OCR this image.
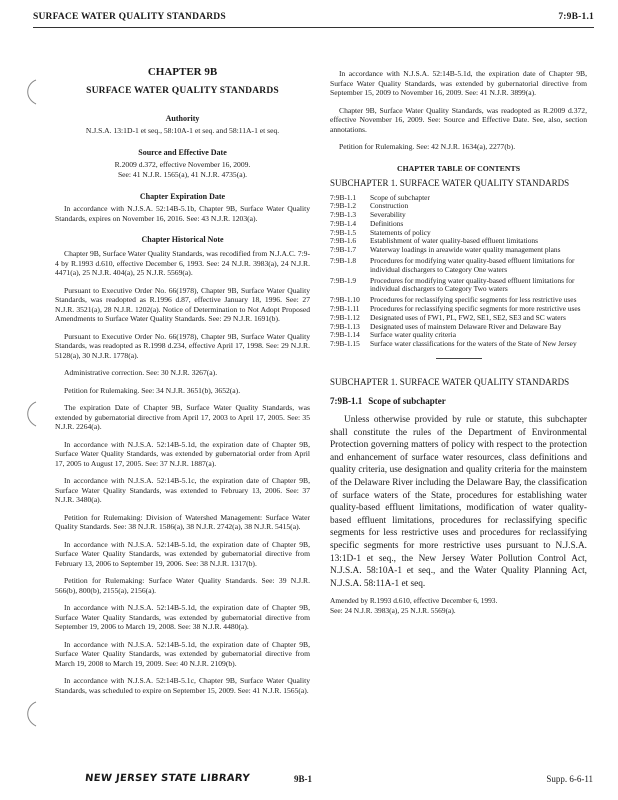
SURFACE WATER QUALITY STANDARDS	7:9B-1.1
CHAPTER 9B
SURFACE WATER QUALITY STANDARDS
Authority

N.J.S.A. 13:1D-1 et seq., 58:10A-1 et seq. and 58:11A-1 et seq.

Source and Effective Date

R.2009 d.372, effective November 16, 2009.

See: 41 N.J.R. 1565(a), 41 N.J.R. 4735(a).

Chapter Expiration Date

In accordance with N.J.S.A. 52:14B-5.1b, Chapter 9B, Surface Water Quality Standards, expires on November 16, 2016. See: 43 N.J.R. 1203(a).

Chapter Historical Note

Chapter 9B, Surface Water Quality Standards, was recodified from N.J.A.C. 7:9-4 by R.1993 d.610, effective December 6, 1993. See: 24 N.J.R. 3983(a), 24 N.J.R. 4471(a), 25 N.J.R. 404(a), 25 N.J.R. 5569(a).

Pursuant to Executive Order No. 66(1978), Chapter 9B, Surface Water Quality Standards, was readopted as R.1996 d.87, effective January 18, 1996. See: 27 N.J.R. 3521(a), 28 N.J.R. 1202(a). Notice of Determination to Not Adopt Proposed Amendments to Surface Water Quality Standards. See: 29 N.J.R. 1691(b).

Pursuant to Executive Order No. 66(1978), Chapter 9B, Surface Water Quality Standards, was readopted as R.1998 d.234, effective April 17, 1998. See: 29 N.J.R. 5128(a), 30 N.J.R. 1778(a).

Administrative correction. See: 30 N.J.R. 3267(a).

Petition for Rulemaking. See: 34 N.J.R. 3651(b), 3652(a).

The expiration Date of Chapter 9B, Surface Water Quality Standards, was extended by gubernatorial directive from April 17, 2003 to April 17, 2005. See: 35 N.J.R. 2264(a).

In accordance with N.J.S.A. 52:14B-5.1d, the expiration date of Chapter 9B, Surface Water Quality Standards, was extended by gubernatorial order from April 17, 2005 to August 17, 2005. See: 37 N.J.R. 1887(a).

In accordance with N.J.S.A. 52:14B-5.1c, the expiration date of Chapter 9B, Surface Water Quality Standards, was extended to February 13, 2006. See: 37 N.J.R. 3480(a).

Petition for Rulemaking: Division of Watershed Management: Surface Water Quality Standards. See: 38 N.J.R. 1586(a), 38 N.J.R. 2742(a), 38 N.J.R. 5415(a).

In accordance with N.J.S.A. 52:14B-5.1d, the expiration date of Chapter 9B, Surface Water Quality Standards, was extended by gubernatorial directive from February 13, 2006 to September 19, 2006. See: 38 N.J.R. 1317(b).

Petition for Rulemaking: Surface Water Quality Standards. See: 39 N.J.R. 566(b), 800(b), 2155(a), 2156(a).

In accordance with N.J.S.A. 52:14B-5.1d, the expiration date of Chapter 9B, Surface Water Quality Standards, was extended by gubernatorial directive from September 19, 2006 to March 19, 2008. See: 38 N.J.R. 4480(a).

In accordance with N.J.S.A. 52:14B-5.1d, the expiration date of Chapter 9B, Surface Water Quality Standards, was extended by gubernatorial directive from March 19, 2008 to March 19, 2009. See: 40 N.J.R. 2109(b).

In accordance with N.J.S.A. 52:14B-5.1c, Chapter 9B, Surface Water Quality Standards, was scheduled to expire on September 15, 2009. See: 41 N.J.R. 1565(a).

In accordance with N.J.S.A. 52:14B-5.1d, the expiration date of Chapter 9B, Surface Water Quality Standards, was extended by gubernatorial directive from September 15, 2009 to November 16, 2009. See: 41 N.J.R. 3899(a).

Chapter 9B, Surface Water Quality Standards, was readopted as R.2009 d.372, effective November 16, 2009. See: Source and Effective Date. See, also, section annotations.

Petition for Rulemaking. See: 42 N.J.R. 1634(a), 2277(b).

CHAPTER TABLE OF CONTENTS
SUBCHAPTER 1. SURFACE WATER QUALITY STANDARDS
7:9B-1.1	Scope of subchapter
7:9B-1.2	Construction
7:9B-1.3	Severability
7:9B-1.4	Definitions
7:9B-1.5	Statements of policy
7:9B-1.6	Establishment of water quality-based effluent limitations
7:9B-1.7	Waterway loadings in areawide water quality management plans
7:9B-1.8	Procedures for modifying water quality-based effluent limitations for individual dischargers to Category One waters
7:9B-1.9	Procedures for modifying water quality-based effluent limitations for individual dischargers to Category Two waters
7:9B-1.10	Procedures for reclassifying specific segments for less restrictive uses
7:9B-1.11	Procedures for reclassifying specific segments for more restrictive uses
7:9B-1.12	Designated uses of FW1, PL, FW2, SE1, SE2, SE3 and SC waters
7:9B-1.13	Designated uses of mainstem Delaware River and Delaware Bay
7:9B-1.14	Surface water quality criteria
7:9B-1.15	Surface water classifications for the waters of the State of New Jersey
SUBCHAPTER 1. SURFACE WATER QUALITY STANDARDS
7:9B-1.1 Scope of subchapter

Unless otherwise provided by rule or statute, this subchapter shall constitute the rules of the Department of Environmental Protection governing matters of policy with respect to the protection and enhancement of surface water resources, class definitions and quality criteria, use designation and quality criteria for the mainstem of the Delaware River including the Delaware Bay, the classification of surface waters of the State, procedures for establishing water quality-based effluent limitations, modification of water quality-based effluent limitations, procedures for reclassifying specific segments for less restrictive uses and procedures for reclassifying specific segments for more restrictive uses pursuant to N.J.S.A. 13:1D-1 et seq., the New Jersey Water Pollution Control Act, N.J.S.A. 58:10A-1 et seq., and the Water Quality Planning Act, N.J.S.A. 58:11A-1 et seq.

Amended by R.1993 d.610, effective December 6, 1993.

See: 24 N.J.R. 3983(a), 25 N.J.R. 5569(a).

NEW JERSEY STATE LIBRARY	9B-1	Supp. 6-6-11
